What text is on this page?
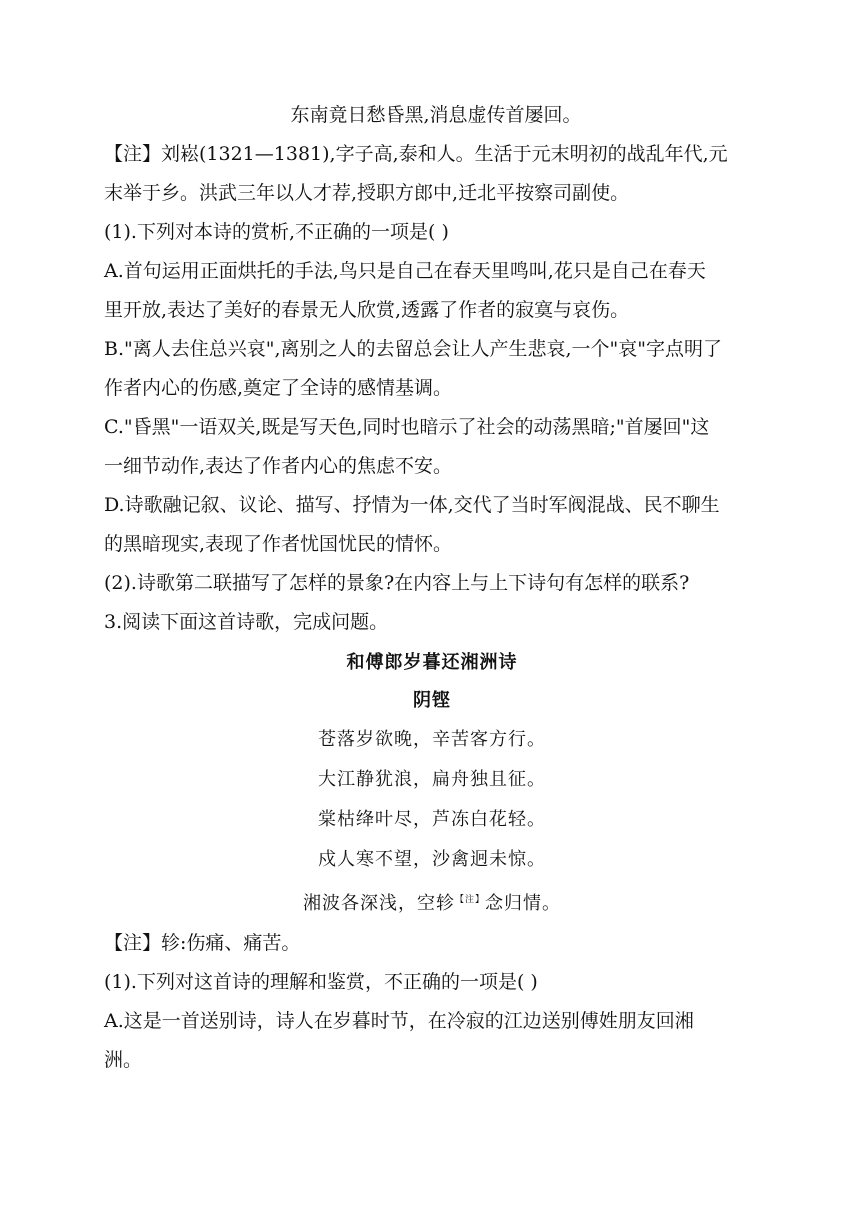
东南竟日愁昏黑,消息虚传首屡回。
【注】刘崧(1321—1381),字子高,泰和人。生活于元末明初的战乱年代,元
末举于乡。洪武三年以人才荐,授职方郎中,迁北平按察司副使。
(1).下列对本诗的赏析,不正确的一项是( )
A.首句运用正面烘托的手法,鸟只是自己在春天里鸣叫,花只是自己在春天
里开放,表达了美好的春景无人欣赏,透露了作者的寂寞与哀伤。
B."离人去住总兴哀",离别之人的去留总会让人产生悲哀,一个"哀"字点明了
作者内心的伤感,奠定了全诗的感情基调。
C."昏黑"一语双关,既是写天色,同时也暗示了社会的动荡黑暗;"首屡回"这
一细节动作,表达了作者内心的焦虑不安。
D.诗歌融记叙、议论、描写、抒情为一体,交代了当时军阀混战、民不聊生
的黑暗现实,表现了作者忧国忧民的情怀。
(2).诗歌第二联描写了怎样的景象?在内容上与上下诗句有怎样的联系?
3.阅读下面这首诗歌，完成问题。
和傅郎岁暮还湘洲诗
阴铿
苍落岁欲晚，辛苦客方行。
大江静犹浪，扁舟独且征。
棠枯绛叶尽，芦冻白花轻。
戍人寒不望，沙禽迥未惊。
湘波各深浅，空轸$^{【注】}$念归情。
【注】轸:伤痛、痛苦。
(1).下列对这首诗的理解和鉴赏，不正确的一项是( )
A.这是一首送别诗，诗人在岁暮时节，在冷寂的江边送别傅姓朋友回湘
洲。
